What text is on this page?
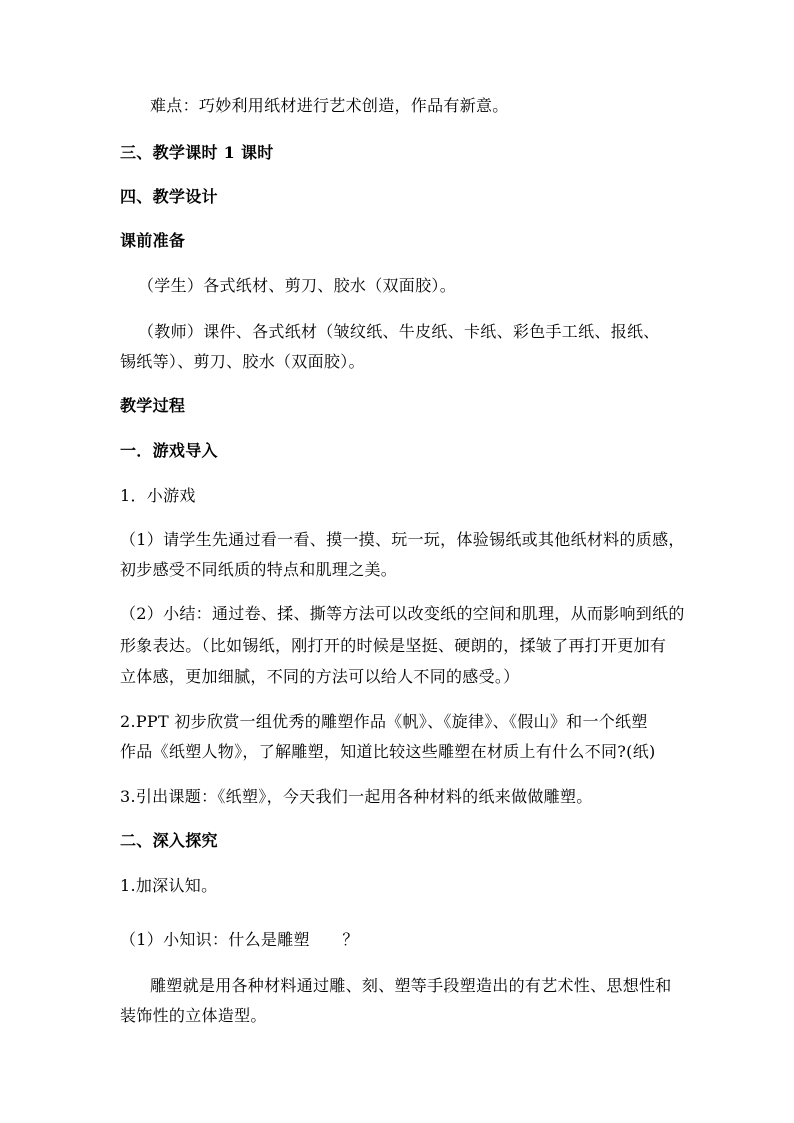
难点：巧妙利用纸材进行艺术创造，作品有新意。
三、教学课时 1 课时
四、教学设计
课前准备
（学生）各式纸材、剪刀、胶水（双面胶）。
（教师）课件、各式纸材（皱纹纸、牛皮纸、卡纸、彩色手工纸、报纸、
锡纸等）、剪刀、胶水（双面胶）。
教学过程
一．游戏导入
1．小游戏
（1）请学生先通过看一看、摸一摸、玩一玩，体验锡纸或其他纸材料的质感，
初步感受不同纸质的特点和肌理之美。
（2）小结：通过卷、揉、撕等方法可以改变纸的空间和肌理，从而影响到纸的
形象表达。（比如锡纸，刚打开的时候是坚挺、硬朗的，揉皱了再打开更加有
立体感，更加细腻，不同的方法可以给人不同的感受。）
2.PPT 初步欣赏一组优秀的雕塑作品《帆》、《旋律》、《假山》和一个纸塑
作品《纸塑人物》，了解雕塑，知道比较这些雕塑在材质上有什么不同?(纸)
3.引出课题：《纸塑》，今天我们一起用各种材料的纸来做做雕塑。
二、深入探究
1.加深认知。
（1）小知识：什么是雕塑　　？
雕塑就是用各种材料通过雕、刻、塑等手段塑造出的有艺术性、思想性和
装饰性的立体造型。
